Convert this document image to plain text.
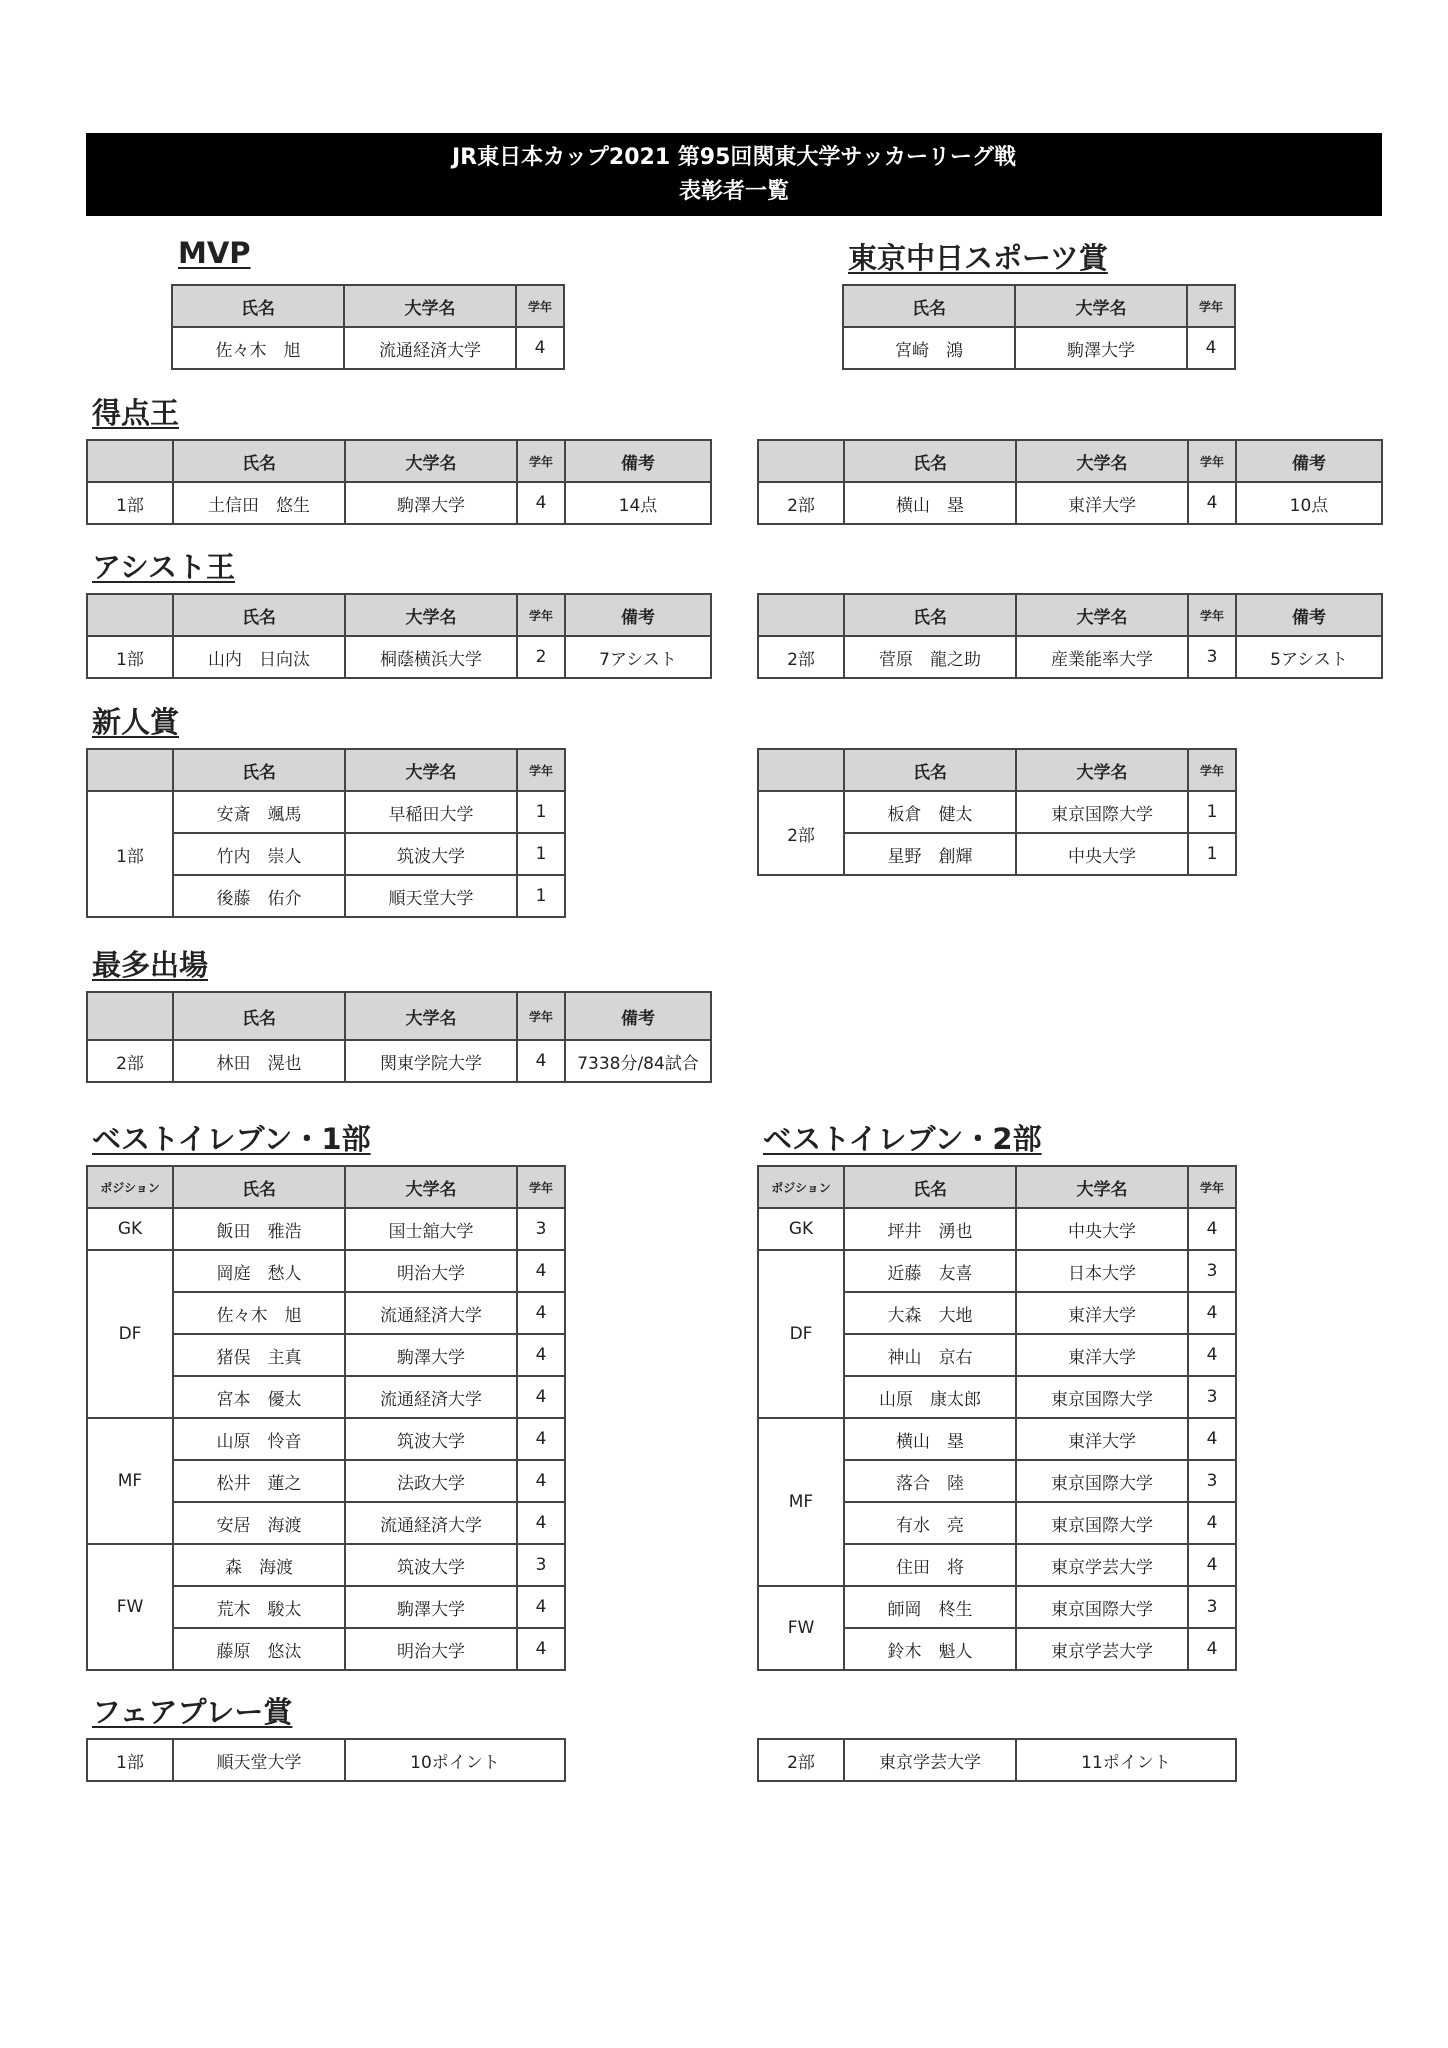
JR東日本カップ2021 第95回関東大学サッカーリーグ戦
表彰者一覧
MVP
氏名	大学名	学年
佐々木　旭	流通経済大学	4
東京中日スポーツ賞
氏名	大学名	学年
宮崎　鴻	駒澤大学	4
得点王
	氏名	大学名	学年	備考
1部	土信田　悠生	駒澤大学	4	14点
	氏名	大学名	学年	備考
2部	横山　塁	東洋大学	4	10点
アシスト王
	氏名	大学名	学年	備考
1部	山内　日向汰	桐蔭横浜大学	2	7アシスト
	氏名	大学名	学年	備考
2部	菅原　龍之助	産業能率大学	3	5アシスト
新人賞
	氏名	大学名	学年
1部	安斎　颯馬	早稲田大学	1
	竹内　崇人	筑波大学	1
	後藤　佑介	順天堂大学	1
	氏名	大学名	学年
2部	板倉　健太	東京国際大学	1
	星野　創輝	中央大学	1
最多出場
	氏名	大学名	学年	備考
2部	林田　滉也	関東学院大学	4	7338分/84試合
ベストイレブン・1部
ポジション	氏名	大学名	学年
GK	飯田　雅浩	国士舘大学	3
DF	岡庭　愁人	明治大学	4
	佐々木　旭	流通経済大学	4
	猪俣　主真	駒澤大学	4
	宮本　優太	流通経済大学	4
MF	山原　怜音	筑波大学	4
	松井　蓮之	法政大学	4
	安居　海渡	流通経済大学	4
FW	森　海渡	筑波大学	3
	荒木　駿太	駒澤大学	4
	藤原　悠汰	明治大学	4
ベストイレブン・2部
ポジション	氏名	大学名	学年
GK	坪井　湧也	中央大学	4
DF	近藤　友喜	日本大学	3
	大森　大地	東洋大学	4
	神山　京右	東洋大学	4
	山原　康太郎	東京国際大学	3
MF	横山　塁	東洋大学	4
	落合　陸	東京国際大学	3
	有水　亮	東京国際大学	4
	住田　将	東京学芸大学	4
FW	師岡　柊生	東京国際大学	3
	鈴木　魁人	東京学芸大学	4
フェアプレー賞
1部	順天堂大学	10ポイント	2部	東京学芸大学	11ポイント
